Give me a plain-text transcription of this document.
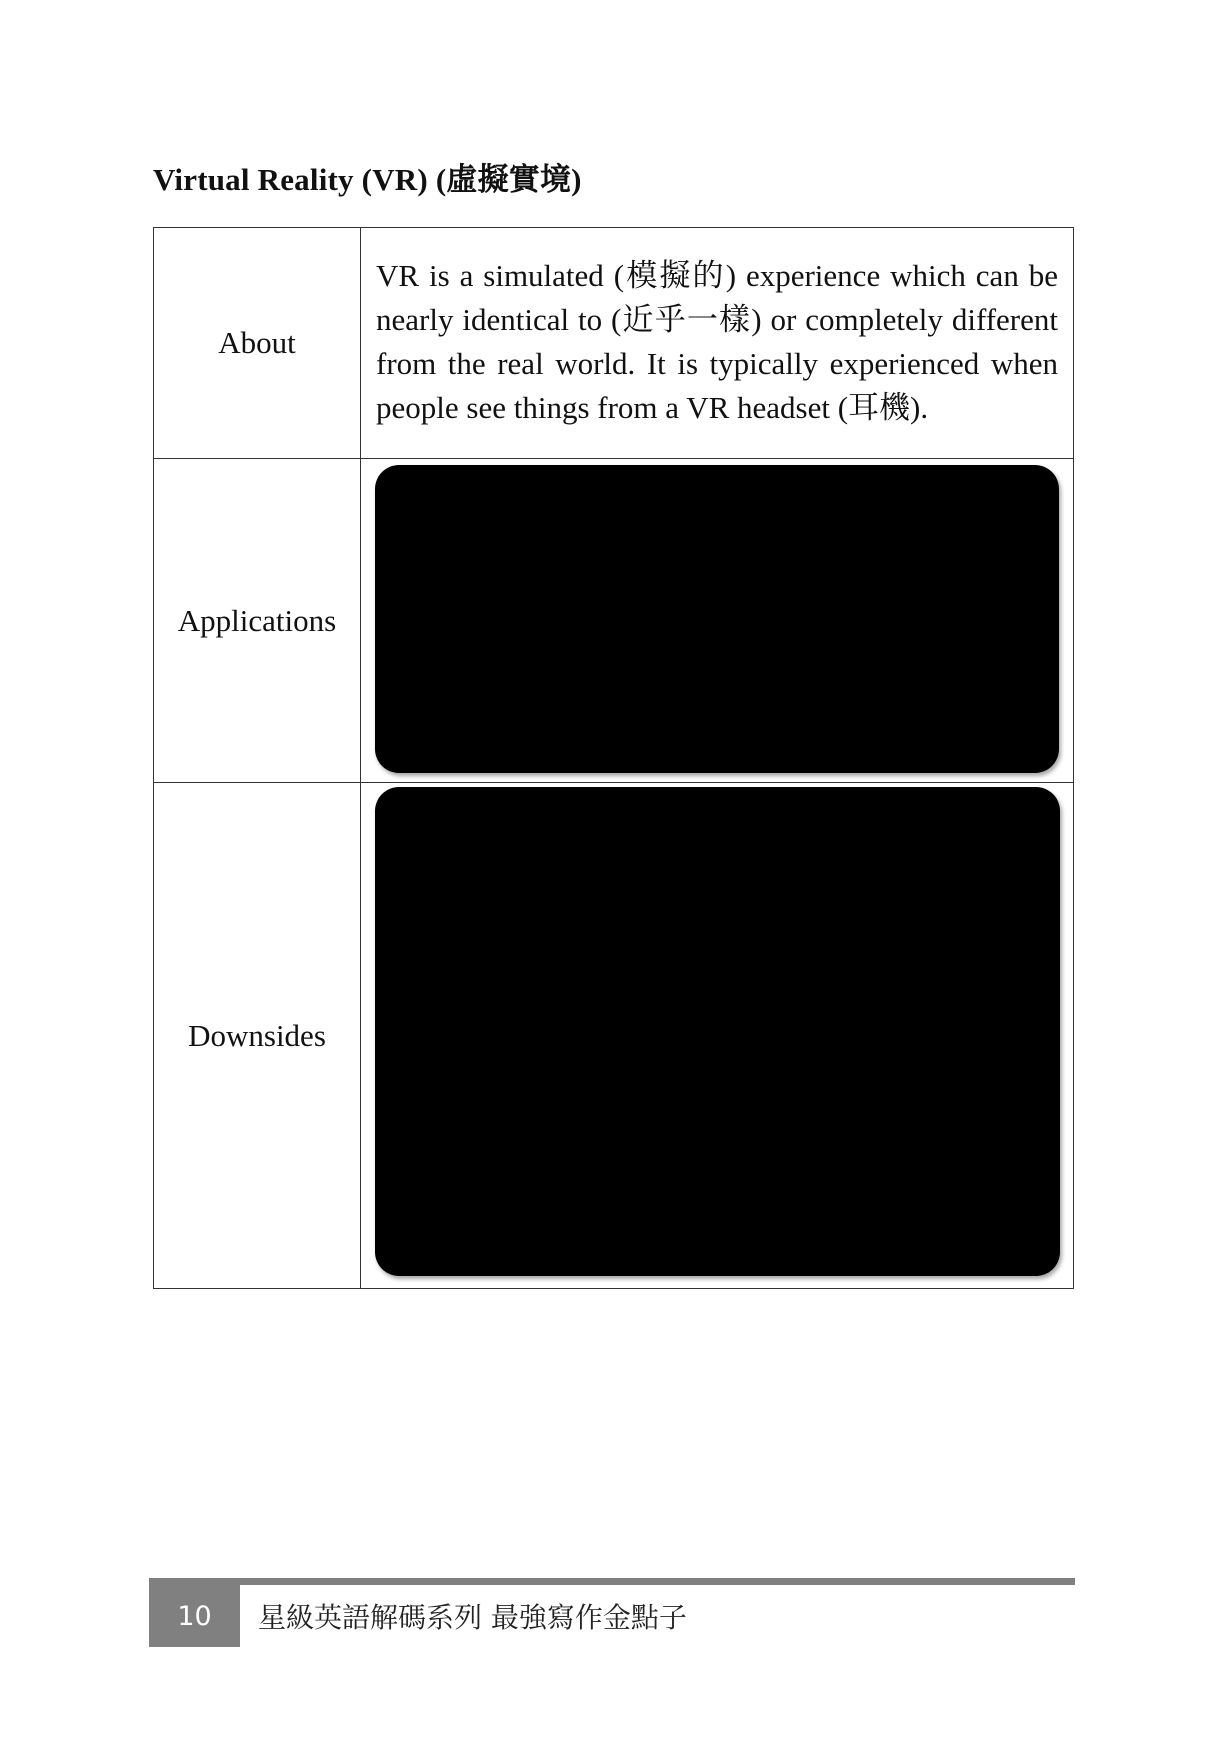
Virtual Reality (VR) (虛擬實境)
About	VR is a simulated (模擬的) experience which can be nearly identical to (近乎一樣) or completely different from the real world. It is typically experienced when people see things from a VR headset (耳機).

Applications	

Downsides	
10	星級英語解碼系列 最強寫作金點子
